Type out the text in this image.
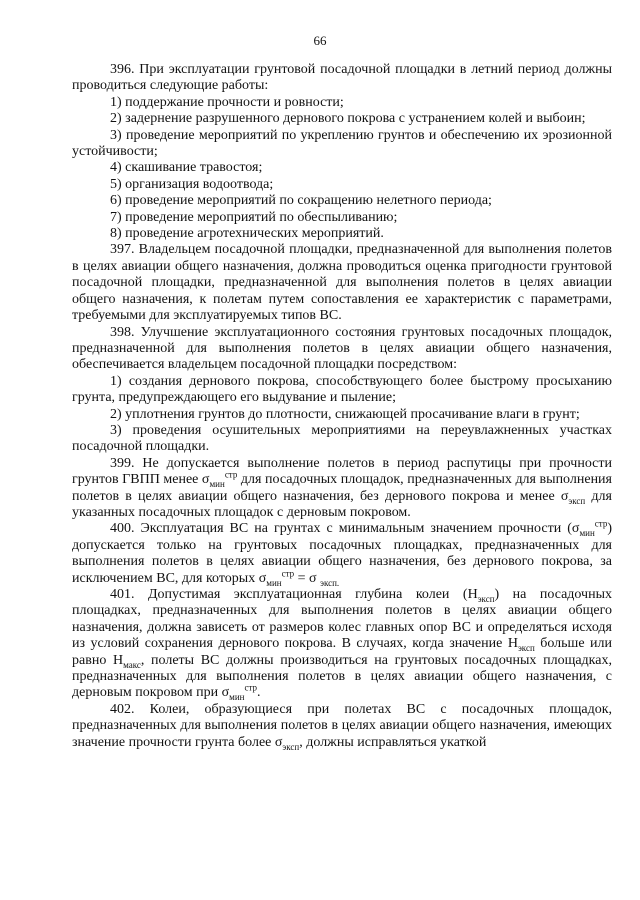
66

396. При эксплуатации грунтовой посадочной площадки в летний период должны проводиться следующие работы:

1) поддержание прочности и ровности;

2) задернение разрушенного дернового покрова с устранением колей и выбоин;

3) проведение мероприятий по укреплению грунтов и обеспечению их эрозионной устойчивости;

4) скашивание травостоя;

5) организация водоотвода;

6) проведение мероприятий по сокращению нелетного периода;

7) проведение мероприятий по обеспыливанию;

8) проведение агротехнических мероприятий.

397. Владельцем посадочной площадки, предназначенной для выполнения полетов в целях авиации общего назначения, должна проводиться оценка пригодности грунтовой посадочной площадки, предназначенной для выполнения полетов в целях авиации общего назначения, к полетам путем сопоставления ее характеристик с параметрами, требуемыми для эксплуатируемых типов ВС.

398. Улучшение эксплуатационного состояния грунтовых посадочных площадок, предназначенной для выполнения полетов в целях авиации общего назначения, обеспечивается владельцем посадочной площадки посредством:

1) создания дернового покрова, способствующего более быстрому просыханию грунта, предупреждающего его выдувание и пыление;

2) уплотнения грунтов до плотности, снижающей просачивание влаги в грунт;

3) проведения осушительных мероприятиями на переувлажненных участках посадочной площадки.

399. Не допускается выполнение полетов в период распутицы при прочности грунтов ГВПП менее $\sigma_{мин}^{стр}$ для посадочных площадок, предназначенных для выполнения полетов в целях авиации общего назначения, без дернового покрова и менее $\sigma_{эксп}$ для указанных посадочных площадок с дерновым покровом.

400. Эксплуатация ВС на грунтах с минимальным значением прочности $(\sigma_{мин}^{стр})$ допускается только на грунтовых посадочных площадках, предназначенных для выполнения полетов в целях авиации общего назначения, без дернового покрова, за исключением ВС, для которых $\sigma_{мин}^{стр} = \sigma$ $_{эксп.}$

401. Допустимая эксплуатационная глубина колеи $(H_{эксп})$ на посадочных площадках, предназначенных для выполнения полетов в целях авиации общего назначения, должна зависеть от размеров колес главных опор ВС и определяться исходя из условий сохранения дернового покрова. В случаях, когда значение $H_{эксп}$ больше или равно $H_{макс}$, полеты ВС должны производиться на грунтовых посадочных площадках, предназначенных для выполнения полетов в целях авиации общего назначения, с дерновым покровом при $\sigma_{мин}^{стр}$.

402. Колеи, образующиеся при полетах ВС с посадочных площадок, предназначенных для выполнения полетов в целях авиации общего назначения, имеющих значение прочности грунта более $\sigma_{эксп}$, должны исправляться укаткой
